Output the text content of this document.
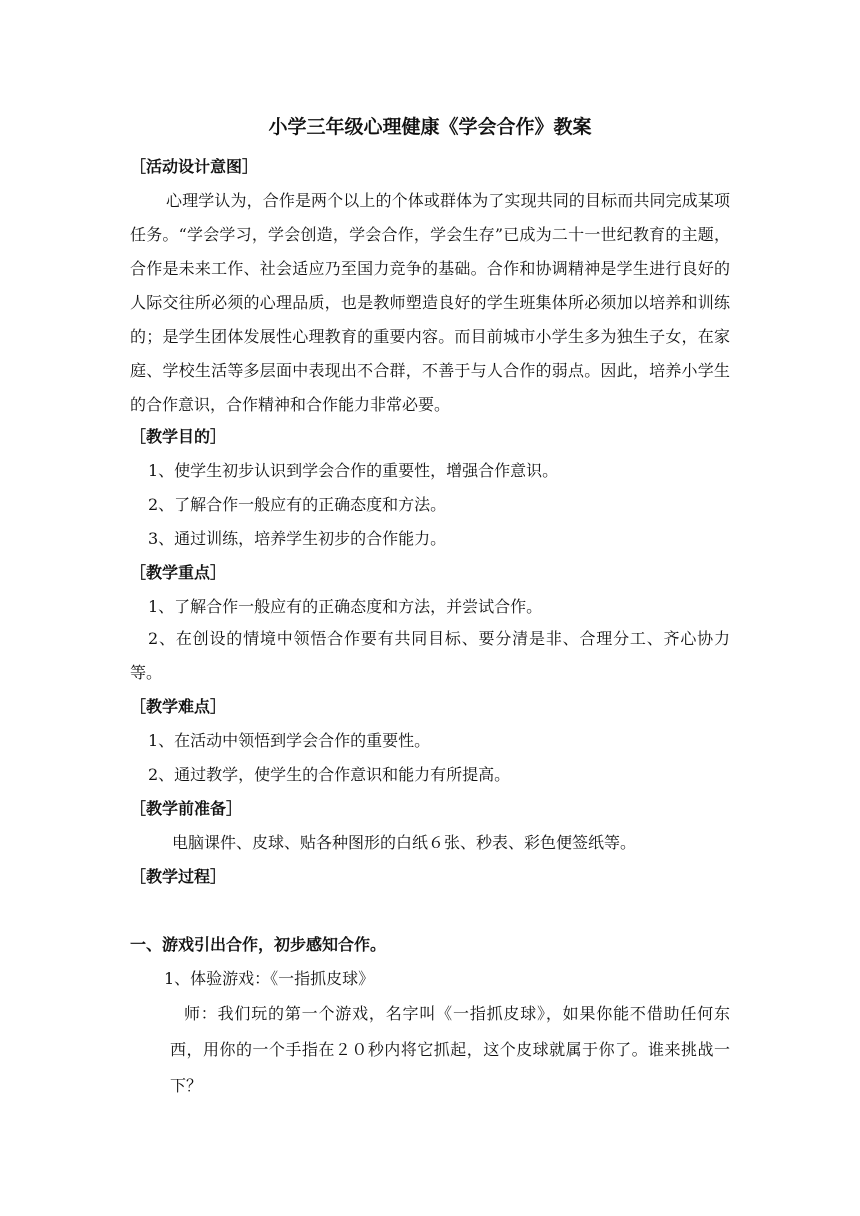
小学三年级心理健康《学会合作》教案
［活动设计意图］
心理学认为，合作是两个以上的个体或群体为了实现共同的目标而共同完成某项任务。“学会学习，学会创造，学会合作，学会生存”已成为二十一世纪教育的主题，合作是未来工作、社会适应乃至国力竞争的基础。合作和协调精神是学生进行良好的人际交往所必须的心理品质，也是教师塑造良好的学生班集体所必须加以培养和训练的；是学生团体发展性心理教育的重要内容。而目前城市小学生多为独生子女，在家庭、学校生活等多层面中表现出不合群，不善于与人合作的弱点。因此，培养小学生的合作意识，合作精神和合作能力非常必要。
［教学目的］
1、使学生初步认识到学会合作的重要性，增强合作意识。
2、了解合作一般应有的正确态度和方法。
3、通过训练，培养学生初步的合作能力。
［教学重点］
1、了解合作一般应有的正确态度和方法，并尝试合作。
2、在创设的情境中领悟合作要有共同目标、要分清是非、合理分工、齐心协力等。
［教学难点］
1、在活动中领悟到学会合作的重要性。
2、通过教学，使学生的合作意识和能力有所提高。
［教学前准备］
电脑课件、皮球、贴各种图形的白纸６张、秒表、彩色便签纸等。
［教学过程］
一、游戏引出合作，初步感知合作。
1、体验游戏：《一指抓皮球》
师：我们玩的第一个游戏，名字叫《一指抓皮球》，如果你能不借助任何东西，用你的一个手指在２０秒内将它抓起，这个皮球就属于你了。谁来挑战一下？
